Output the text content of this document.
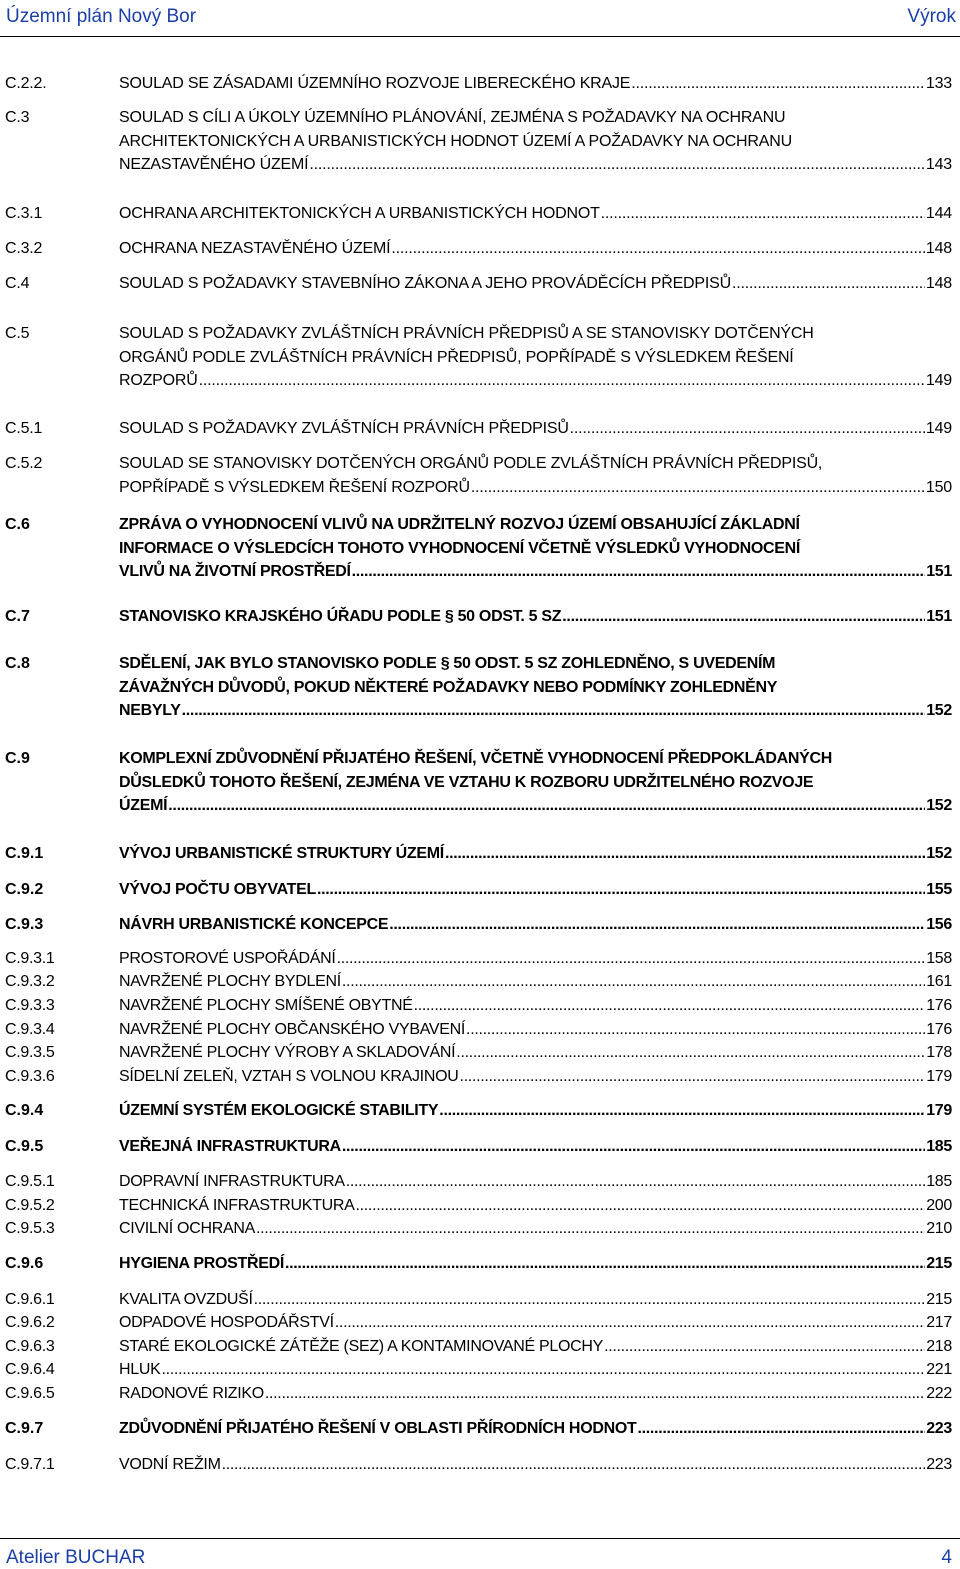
Územní plán Nový Bor	Výrok
C.2.2.	SOULAD SE ZÁSADAMI ÚZEMNÍHO ROZVOJE LIBERECKÉHO KRAJE .....	133
C.3	SOULAD S CÍLI A ÚKOLY ÚZEMNÍHO PLÁNOVÁNÍ, ZEJMÉNA S POŽADAVKY NA OCHRANU
ARCHITEKTONICKÝCH A URBANISTICKÝCH HODNOT ÚZEMÍ A POŽADAVKY NA OCHRANU
NEZASTAVĚNÉHO ÚZEMÍ .....	143
C.3.1	OCHRANA ARCHITEKTONICKÝCH A URBANISTICKÝCH HODNOT .....	144
C.3.2	OCHRANA NEZASTAVĚNÉHO ÚZEMÍ .....	148
C.4	SOULAD S POŽADAVKY STAVEBNÍHO ZÁKONA A JEHO PROVÁDĚCÍCH PŘEDPISŮ .....	148
C.5	SOULAD S POŽADAVKY ZVLÁŠTNÍCH PRÁVNÍCH PŘEDPISŮ A SE STANOVISKY DOTČENÝCH
ORGÁNŮ PODLE ZVLÁŠTNÍCH PRÁVNÍCH PŘEDPISŮ, POPŘÍPADĚ S VÝSLEDKEM ŘEŠENÍ
ROZPORŮ .....	149
C.5.1	SOULAD S POŽADAVKY ZVLÁŠTNÍCH PRÁVNÍCH PŘEDPISŮ .....	149
C.5.2	SOULAD SE STANOVISKY DOTČENÝCH ORGÁNŮ PODLE ZVLÁŠTNÍCH PRÁVNÍCH PŘEDPISŮ,
POPŘÍPADĚ S VÝSLEDKEM ŘEŠENÍ ROZPORŮ .....	150
C.6	ZPRÁVA O VYHODNOCENÍ VLIVŮ NA UDRŽITELNÝ ROZVOJ ÚZEMÍ OBSAHUJÍCÍ ZÁKLADNÍ
INFORMACE O VÝSLEDCÍCH TOHOTO VYHODNOCENÍ VČETNĚ VÝSLEDKŮ VYHODNOCENÍ
VLIVŮ NA ŽIVOTNÍ PROSTŘEDÍ .....	151
C.7	STANOVISKO KRAJSKÉHO ÚŘADU PODLE § 50 ODST. 5 SZ .....	151
C.8	SDĚLENÍ, JAK BYLO STANOVISKO PODLE § 50 ODST. 5 SZ ZOHLEDNĚNO, S UVEDENÍM
ZÁVAŽNÝCH DŮVODŮ, POKUD NĚKTERÉ POŽADAVKY NEBO PODMÍNKY ZOHLEDNĚNY
NEBYLY .....	152
C.9	KOMPLEXNÍ ZDŮVODNĚNÍ PŘIJATÉHO ŘEŠENÍ, VČETNĚ VYHODNOCENÍ PŘEDPOKLÁDANÝCH
DŮSLEDKŮ TOHOTO ŘEŠENÍ, ZEJMÉNA VE VZTAHU K ROZBORU UDRŽITELNÉHO ROZVOJE
ÚZEMÍ .....	152
C.9.1	VÝVOJ URBANISTICKÉ STRUKTURY ÚZEMÍ .....	152
C.9.2	VÝVOJ POČTU OBYVATEL .....	155
C.9.3	NÁVRH URBANISTICKÉ KONCEPCE .....	156
C.9.3.1	PROSTOROVÉ USPOŘÁDÁNÍ .....	158
C.9.3.2	NAVRŽENÉ PLOCHY BYDLENÍ .....	161
C.9.3.3	NAVRŽENÉ PLOCHY SMÍŠENÉ OBYTNÉ .....	176
C.9.3.4	NAVRŽENÉ PLOCHY OBČANSKÉHO VYBAVENÍ .....	176
C.9.3.5	NAVRŽENÉ PLOCHY VÝROBY A SKLADOVÁNÍ .....	178
C.9.3.6	SÍDELNÍ ZELEŇ, VZTAH S VOLNOU KRAJINOU .....	179
C.9.4	ÚZEMNÍ SYSTÉM EKOLOGICKÉ STABILITY .....	179
C.9.5	VEŘEJNÁ INFRASTRUKTURA .....	185
C.9.5.1	DOPRAVNÍ INFRASTRUKTURA .....	185
C.9.5.2	TECHNICKÁ INFRASTRUKTURA .....	200
C.9.5.3	CIVILNÍ OCHRANA .....	210
C.9.6	HYGIENA PROSTŘEDÍ .....	215
C.9.6.1	KVALITA OVZDUŠÍ .....	215
C.9.6.2	ODPADOVÉ HOSPODÁŘSTVÍ .....	217
C.9.6.3	STARÉ EKOLOGICKÉ ZÁTĚŽE (SEZ) A KONTAMINOVANÉ PLOCHY .....	218
C.9.6.4	HLUK .....	221
C.9.6.5	RADONOVÉ RIZIKO .....	222
C.9.7	ZDŮVODNĚNÍ PŘIJATÉHO ŘEŠENÍ V OBLASTI PŘÍRODNÍCH HODNOT .....	223
C.9.7.1	VODNÍ REŽIM .....	223
Atelier BUCHAR	4
